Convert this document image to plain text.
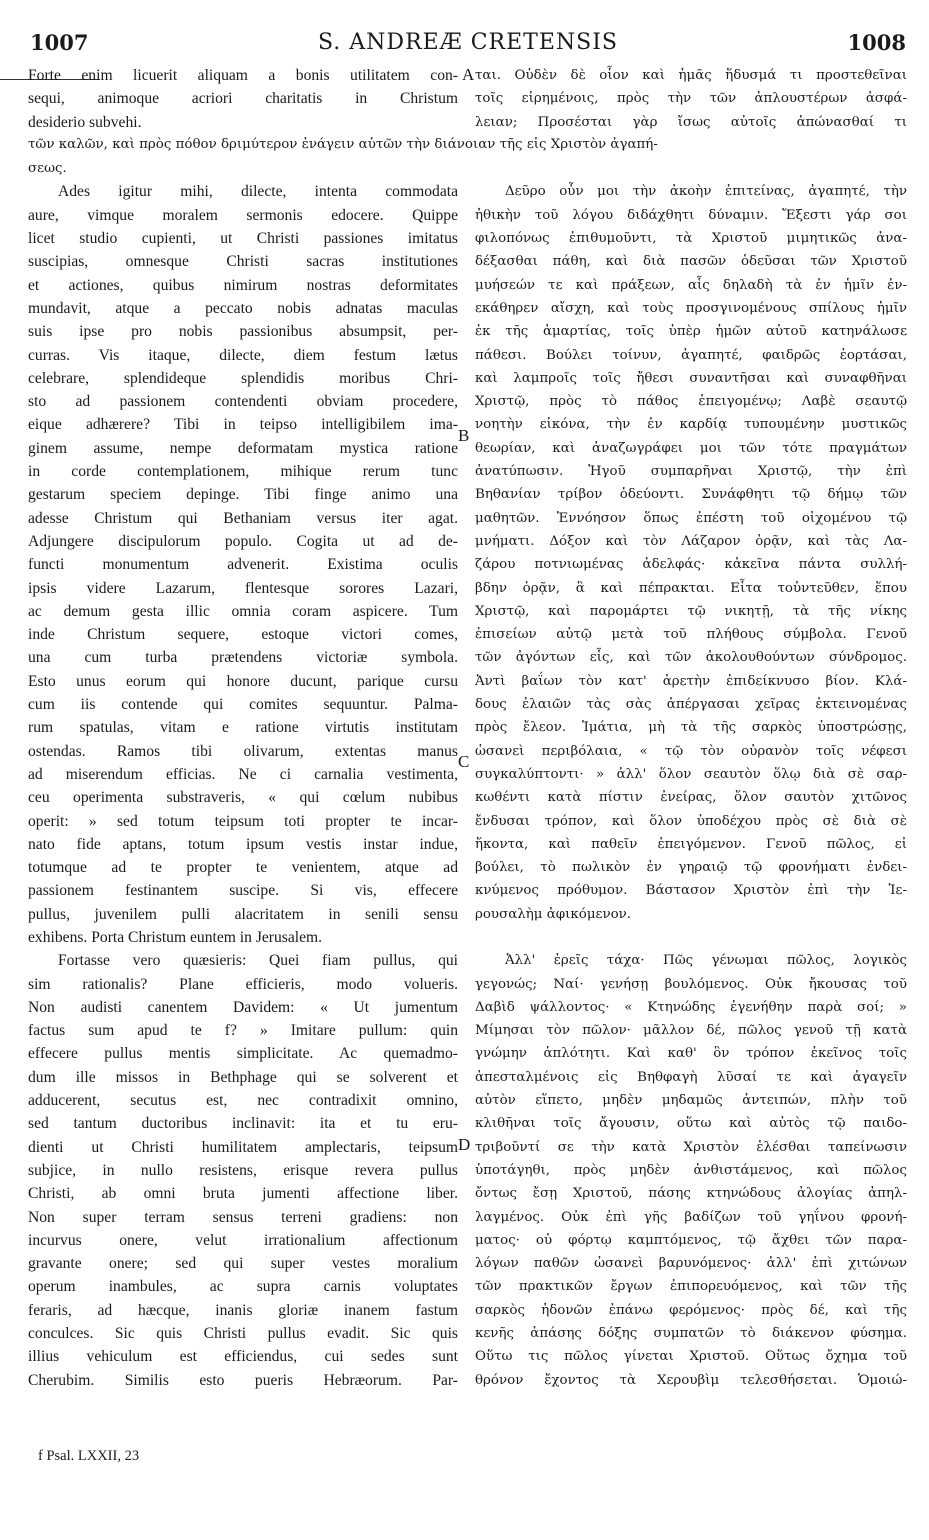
1007	S. ANDREÆ CRETENSIS	1008
Forte enim licuerit aliquam a bonis utilitatem con-
sequi, animoque acriori charitatis in Christum
desiderio subvehi.
Ades igitur mihi, dilecte, intenta commodata
aure, vimque moralem sermonis edocere. Quippe
licet studio cupienti, ut Christi passiones imitatus
suscipias, omnesque Christi sacras institutiones
et actiones, quibus nimirum nostras deformitates
mundavit, atque a peccato nobis adnatas maculas
suis ipse pro nobis passionibus absumpsit, per-
curras. Vis itaque, dilecte, diem festum lætus
celebrare, splendideque splendidis moribus Chri-
sto ad passionem contendenti obviam procedere,
eique adhærere? Tibi in teipso intelligibilem ima-
ginem assume, nempe deformatam mystica ratione
in corde contemplationem, mihique rerum tunc
gestarum speciem depinge. Tibi finge animo una
adesse Christum qui Bethaniam versus iter agat.
Adjungere discipulorum populo. Cogita ut ad de-
functi monumentum advenerit. Existima oculis
ipsis videre Lazarum, flentesque sorores Lazari,
ac demum gesta illic omnia coram aspicere. Tum
inde Christum sequere, estoque victori comes,
una cum turba prætendens victoriæ symbola.
Esto unus eorum qui honore ducunt, parique cursu
cum iis contende qui comites sequuntur. Palma-
rum spatulas, vitam e ratione virtutis institutam
ostendas. Ramos tibi olivarum, extentas manus
ad miserendum efficias. Ne ci carnalia vestimenta,
ceu operimenta substraveris, « qui cœlum nubibus
operit: » sed totum teipsum toti propter te incar-
nato fide aptans, totum ipsum vestis instar indue,
totumque ad te propter te venientem, atque ad
passionem festinantem suscipe. Si vis, effecere
pullus, juvenilem pulli alacritatem in senili sensu
exhibens. Porta Christum euntem in Jerusalem.
Fortasse vero quæsieris: Quei fiam pullus, qui
sim rationalis? Plane efficieris, modo volueris.
Non audisti canentem Davidem: « Ut jumentum
factus sum apud te f? » Imitare pullum: quin
effecere pullus mentis simplicitate. Ac quemadmo-
dum ille missos in Bethphage qui se solverent et
adducerent, secutus est, nec contradixit omnino,
sed tantum ductoribus inclinavit: ita et tu eru-
dienti ut Christi humilitatem amplectaris, teipsum
subjice, in nullo resistens, erisque revera pullus
Christi, ab omni bruta jumenti affectione liber.
Non super terram sensus terreni gradiens: non
incurvus onere, velut irrationalium affectionum
gravante onere; sed qui super vestes moralium
operum inambules, ac supra carnis voluptates
feraris, ad hæcque, inanis gloriæ inanem fastum
conculces. Sic quis Christi pullus evadit. Sic quis
illius vehiculum est efficiendus, cui sedes sunt
Cherubim. Similis esto pueris Hebræorum. Par-
ται. Οὐδὲν δὲ οἷον καὶ ἡμᾶς ἥδυσμά τι προστεθεῖναι
τοῖς εἰρημένοις, πρὸς τὴν τῶν ἁπλουστέρων ἀσφά-
λειαν; Προσέσται γὰρ ἴσως αὐτοῖς ἀπώνασθαί τι
σεως.
Δεῦρο οὖν μοι τὴν ἀκοὴν ἐπιτείνας, ἀγαπητέ, τὴν
ἠθικὴν τοῦ λόγου διδάχθητι δύναμιν. Ἔξεστι γάρ σοι
φιλοπόνως ἐπιθυμοῦντι, τὰ Χριστοῦ μιμητικῶς ἀνα-
δέξασθαι πάθη, καὶ διὰ πασῶν ὁδεῦσαι τῶν Χριστοῦ
μυήσεών τε καὶ πράξεων, αἷς δηλαδὴ τὰ ἐν ἡμῖν ἐν-
εκάθηρεν αἴσχη, καὶ τοὺς προσγινομένους σπίλους ἡμῖν
ἐκ τῆς ἁμαρτίας, τοῖς ὑπὲρ ἡμῶν αὐτοῦ κατηνάλωσε
πάθεσι. Βούλει τοίνυν, ἀγαπητέ, φαιδρῶς ἑορτάσαι,
καὶ λαμπροῖς τοῖς ἤθεσι συναντῆσαι καὶ συναφθῆναι
Χριστῷ, πρὸς τὸ πάθος ἐπειγομένῳ; Λαβὲ σεαυτῷ
νοητὴν εἰκόνα, τὴν ἐν καρδίᾳ τυπουμένην μυστικῶς
θεωρίαν, καὶ ἀναζωγράφει μοι τῶν τότε πραγμάτων
ἀνατύπωσιν. Ἡγοῦ συμπαρῆναι Χριστῷ, τὴν ἐπὶ
Βηθανίαν τρίβον ὁδεύοντι. Συνάφθητι τῷ δήμῳ τῶν
μαθητῶν. Ἐννόησον ὅπως ἐπέστη τοῦ οἰχομένου τῷ
μνήματι. Δόξον καὶ τὸν Λάζαρον ὁρᾷν, καὶ τὰς Λα-
ζάρου ποτνιωμένας ἀδελφάς· κἀκεῖνα πάντα συλλή-
βδην ὁρᾷν, ἃ καὶ πέπρακται. Εἶτα τοὐντεῦθεν, ἕπου
Χριστῷ, καὶ παρομάρτει τῷ νικητῇ, τὰ τῆς νίκης
ἐπισείων αὐτῷ μετὰ τοῦ πλήθους σύμβολα. Γενοῦ
τῶν ἀγόντων εἷς, καὶ τῶν ἀκολουθούντων σύνδρομος.
Ἀντὶ βαΐων τὸν κατ' ἀρετὴν ἐπιδείκνυσο βίον. Κλά-
δους ἐλαιῶν τὰς σὰς ἀπέργασαι χεῖρας ἐκτεινομένας
πρὸς ἔλεον. Ἱμάτια, μὴ τὰ τῆς σαρκὸς ὑποστρώσῃς,
ὡσανεὶ περιβόλαια, « τῷ τὸν οὐρανὸν τοῖς νέφεσι
συγκαλύπτοντι· » ἀλλ' ὅλον σεαυτὸν ὅλῳ διὰ σὲ σαρ-
κωθέντι κατὰ πίστιν ἐνείρας, ὅλον σαυτὸν χιτῶνος
ἔνδυσαι τρόπον, καὶ ὅλον ὑποδέχου πρὸς σὲ διὰ σὲ
ἥκοντα, καὶ παθεῖν ἐπειγόμενον. Γενοῦ πῶλος, εἰ
βούλει, τὸ πωλικὸν ἐν γηραιῷ τῷ φρονήματι ἐνδει-
κνύμενος πρόθυμον. Βάστασον Χριστὸν ἐπὶ τὴν Ἱε-
ρουσαλὴμ ἀφικόμενον.
Ἀλλ' ἐρεῖς τάχα· Πῶς γένωμαι πῶλος, λογικὸς
γεγονώς; Ναί· γενήσῃ βουλόμενος. Οὐκ ἤκουσας τοῦ
Δαβὶδ ψάλλοντος· « Κτηνώδης ἐγενήθην παρὰ σοί; »
Μίμησαι τὸν πῶλον· μᾶλλον δέ, πῶλος γενοῦ τῇ κατὰ
γνώμην ἁπλότητι. Καὶ καθ' ὃν τρόπον ἐκεῖνος τοῖς
ἀπεσταλμένοις εἰς Βηθφαγὴ λῦσαί τε καὶ ἀγαγεῖν
αὐτὸν εἵπετο, μηδὲν μηδαμῶς ἀντειπών, πλὴν τοῦ
κλιθῆναι τοῖς ἄγουσιν, οὕτω καὶ αὐτὸς τῷ παιδο-
τριβοῦντί σε τὴν κατὰ Χριστὸν ἑλέσθαι ταπείνωσιν
ὑποτάγηθι, πρὸς μηδὲν ἀνθιστάμενος, καὶ πῶλος
ὄντως ἔσῃ Χριστοῦ, πάσης κτηνώδους ἀλογίας ἀπηλ-
λαγμένος. Οὐκ ἐπὶ γῆς βαδίζων τοῦ γηΐνου φρονή-
ματος· οὐ φόρτῳ καμπτόμενος, τῷ ἄχθει τῶν παρα-
λόγων παθῶν ὡσανεὶ βαρυνόμενος· ἀλλ' ἐπὶ χιτώνων
τῶν πρακτικῶν ἔργων ἐπιπορευόμενος, καὶ τῶν τῆς
σαρκὸς ἡδονῶν ἐπάνω φερόμενος· πρὸς δέ, καὶ τῆς
κενῆς ἀπάσης δόξης συμπατῶν τὸ διάκενον φύσημα.
Οὕτω τις πῶλος γίνεται Χριστοῦ. Οὕτως ὄχημα τοῦ
θρόνον ἔχοντος τὰ Χερουβὶμ τελεσθήσεται. Ὁμοιώ-
τῶν καλῶν, καὶ πρὸς πόθον δριμύτερον ἐνάγειν αὐτῶν τὴν διάνοιαν τῆς εἰς Χριστὸν ἀγαπή-
A
B
C
D
f Psal. LXXII, 23
